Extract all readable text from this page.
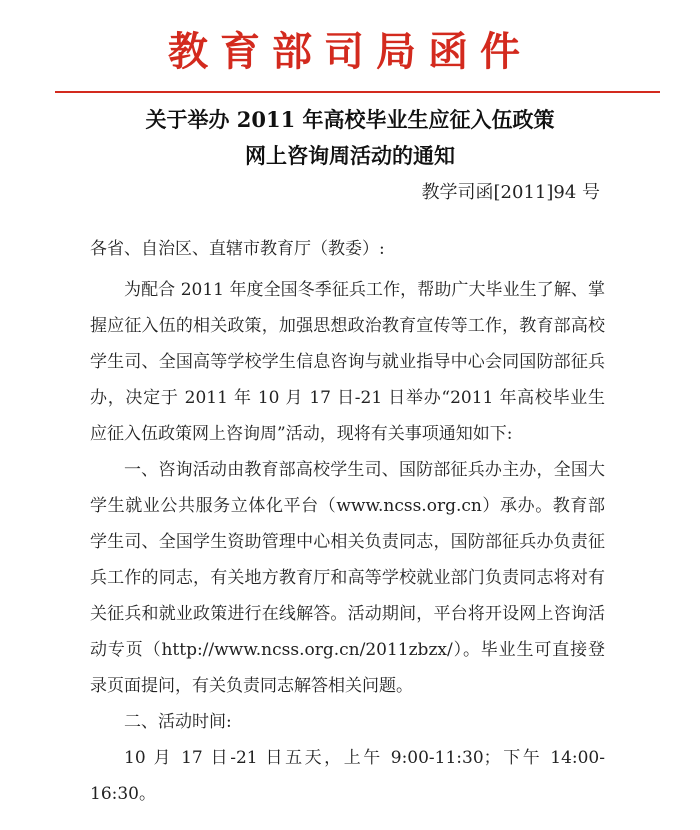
教育部司局函件
关于举办 2011 年高校毕业生应征入伍政策
网上咨询周活动的通知
教学司函[2011]94 号
各省、自治区、直辖市教育厅（教委）:

为配合 2011 年度全国冬季征兵工作，帮助广大毕业生了解、掌握应征入伍的相关政策，加强思想政治教育宣传等工作，教育部高校学生司、全国高等学校学生信息咨询与就业指导中心会同国防部征兵办，决定于 2011 年 10 月 17 日-21 日举办“2011 年高校毕业生应征入伍政策网上咨询周”活动，现将有关事项通知如下:

一、咨询活动由教育部高校学生司、国防部征兵办主办，全国大学生就业公共服务立体化平台（www.ncss.org.cn）承办。教育部学生司、全国学生资助管理中心相关负责同志，国防部征兵办负责征兵工作的同志，有关地方教育厅和高等学校就业部门负责同志将对有关征兵和就业政策进行在线解答。活动期间，平台将开设网上咨询活动专页（http://www.ncss.org.cn/2011zbzx/）。毕业生可直接登录页面提问，有关负责同志解答相关问题。

二、活动时间:

10 月 17 日-21 日五天，上午 9:00-11:30；下午 14:00-16:30。
